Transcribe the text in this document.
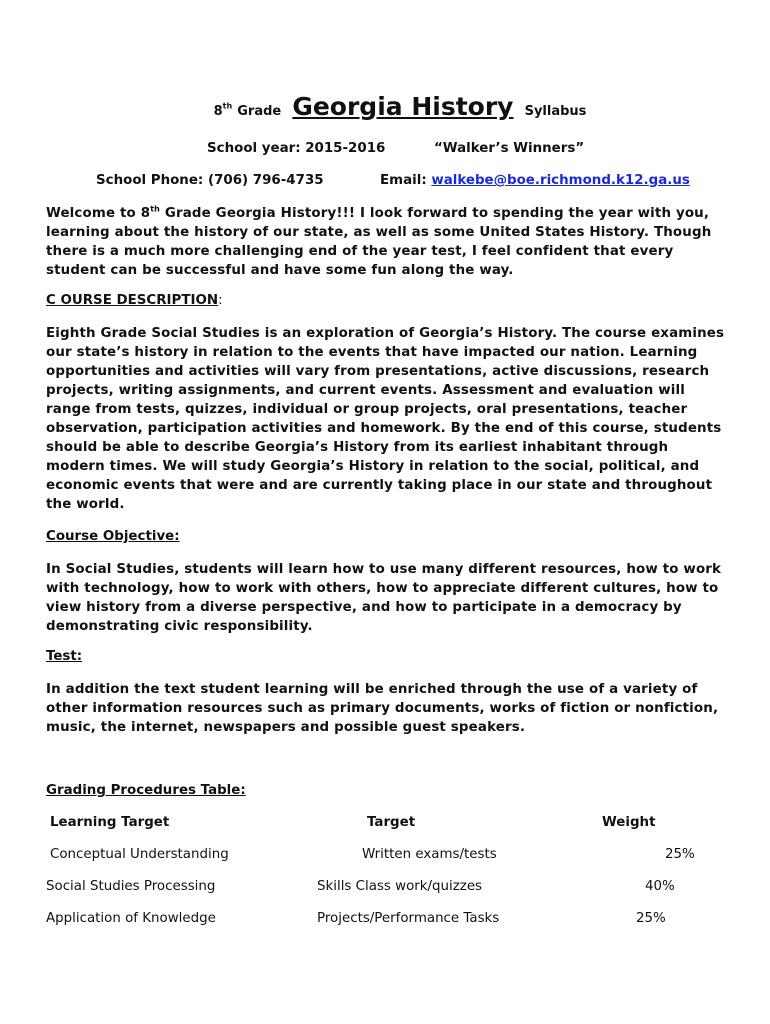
8th Grade Georgia History Syllabus
School year: 2015-2016	“Walker’s Winners”
School Phone: (706) 796-4735	Email: walkebe@boe.richmond.k12.ga.us

Welcome to 8th Grade Georgia History!!! I look forward to spending the year with you, learning about the history of our state, as well as some United States History. Though there is a much more challenging end of the year test, I feel confident that every student can be successful and have some fun along the way.

C OURSE DESCRIPTION:

Eighth Grade Social Studies is an exploration of Georgia’s History. The course examines our state’s history in relation to the events that have impacted our nation. Learning opportunities and activities will vary from presentations, active discussions, research projects, writing assignments, and current events. Assessment and evaluation will range from tests, quizzes, individual or group projects, oral presentations, teacher observation, participation activities and homework. By the end of this course, students should be able to describe Georgia’s History from its earliest inhabitant through modern times. We will study Georgia’s History in relation to the social, political, and economic events that were and are currently taking place in our state and throughout the world.

Course Objective:

In Social Studies, students will learn how to use many different resources, how to work with technology, how to work with others, how to appreciate different cultures, how to view history from a diverse perspective, and how to participate in a democracy by demonstrating civic responsibility.

Test:

In addition the text student learning will be enriched through the use of a variety of other information resources such as primary documents, works of fiction or nonfiction, music, the internet, newspapers and possible guest speakers.

Grading Procedures Table:
Learning Target	Target	Weight
Conceptual Understanding	Written exams/tests	25%
Social Studies Processing	Skills Class work/quizzes	40%
Application of Knowledge	Projects/Performance Tasks	25%
